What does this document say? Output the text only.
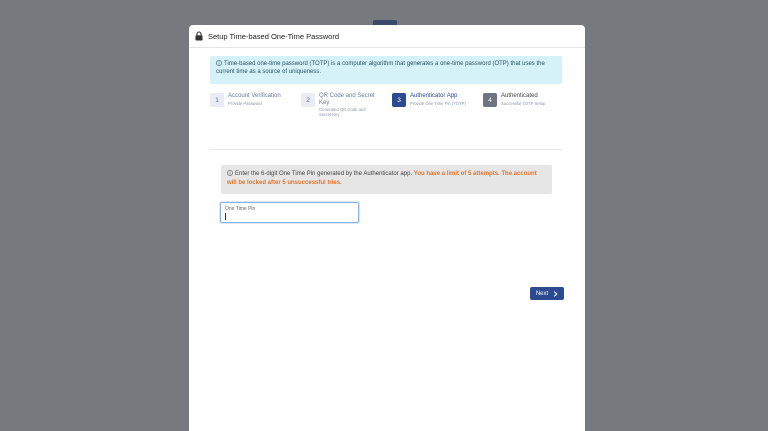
Setup Time-based One-Time Password
Time-based one-time password (TOTP) is a computer algorithm that generates a one-time password (OTP) that uses the current time as a source of uniqueness.
1
Account Verification
Provide Password	2
QR Code and Secret Key
Generated QR Code and Secret Key
3
Authenticator App
Provide One Time Pin (TOTP)	4
Authenticated
Successful TOTP Setup
Enter the 6-digit One Time Pin generated by the Authenticator app. You have a limit of 5 attempts. The account will be locked after 5 unsuccessful tries.
One Time Pin
Next
